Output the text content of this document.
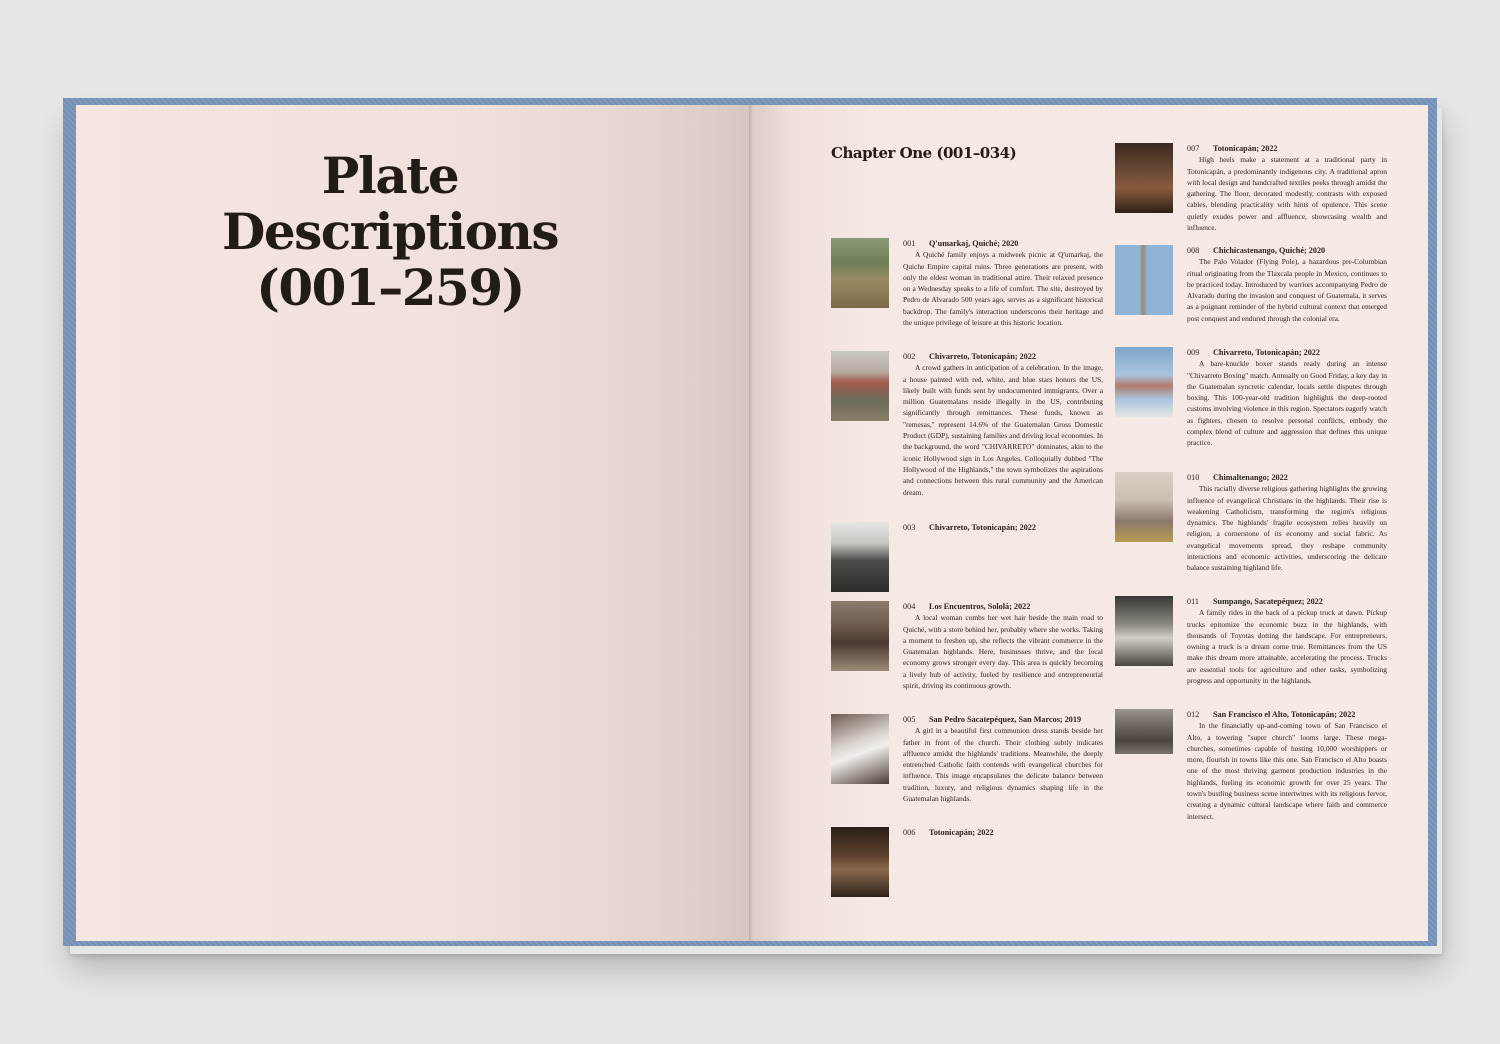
Plate Descriptions
(001–259)
Chapter One (001–034)
001 Q'umarkaj, Quiché; 2020
A Quiché family enjoys a midweek picnic at Q'umarkaj, the Quiche Empire capital ruins. Three generations are present, with only the eldest woman in traditional attire. Their relaxed presence on a Wednesday speaks to a life of comfort. The site, destroyed by Pedro de Alvarado 500 years ago, serves as a significant historical backdrop. The family's interaction underscores their heritage and the unique privilege of leisure at this historic location.
002 Chivarreto, Totonicapán; 2022
A crowd gathers in anticipation of a celebration. In the image, a house painted with red, white, and blue stars honors the US, likely built with funds sent by undocumented immigrants. Over a million Guatemalans reside illegally in the US, contributing significantly through remittances. These funds, known as "remesas," represent 14.6% of the Guatemalan Gross Domestic Product (GDP), sustaining families and driving local economies. In the background, the word "CHIVARRETO" dominates, akin to the iconic Hollywood sign in Los Angeles. Colloquially dubbed "The Hollywood of the Highlands," the town symbolizes the aspirations and connections between this rural community and the American dream.
003 Chivarreto, Totonicapán; 2022
004 Los Encuentros, Sololá; 2022
A local woman combs her wet hair beside the main road to Quiché, with a store behind her, probably where she works. Taking a moment to freshen up, she reflects the vibrant commerce in the Guatemalan highlands. Here, businesses thrive, and the local economy grows stronger every day. This area is quickly becoming a lively hub of activity, fueled by resilience and entrepreneurial spirit, driving its continuous growth.
005 San Pedro Sacatepéquez, San Marcos; 2019
A girl in a beautiful first communion dress stands beside her father in front of the church. Their clothing subtly indicates affluence amidst the highlands' traditions. Meanwhile, the deeply entrenched Catholic faith contends with evangelical churches for influence. This image encapsulates the delicate balance between tradition, luxury, and religious dynamics shaping life in the Guatemalan highlands.
006 Totonicapán; 2022
007 Totonicapán; 2022
High heels make a statement at a traditional party in Totonicapán, a predominantly indigenous city. A traditional apron with local design and handcrafted textiles peeks through amidst the gathering. The floor, decorated modestly, contrasts with exposed cables, blending practicality with hints of opulence. This scene quietly exudes power and affluence, showcasing wealth and influence.
008 Chichicastenango, Quiché; 2020
The Palo Volador (Flying Pole), a hazardous pre-Columbian ritual originating from the Tlaxcala people in Mexico, continues to be practiced today. Introduced by warriors accompanying Pedro de Alvarado during the invasion and conquest of Guatemala, it serves as a poignant reminder of the hybrid cultural context that emerged post conquest and endured through the colonial era.
009 Chivarreto, Totonicapán; 2022
A bare-knuckle boxer stands ready during an intense "Chivarreto Boxing" match. Annually on Good Friday, a key day in the Guatemalan syncretic calendar, locals settle disputes through boxing. This 100-year-old tradition highlights the deep-rooted customs involving violence in this region. Spectators eagerly watch as fighters, chosen to resolve personal conflicts, embody the complex blend of culture and aggression that defines this unique practice.
010 Chimaltenango; 2022
This racially diverse religious gathering highlights the growing influence of evangelical Christians in the highlands. Their rise is weakening Catholicism, transforming the region's religious dynamics. The highlands' fragile ecosystem relies heavily on religion, a cornerstone of its economy and social fabric. As evangelical movements spread, they reshape community interactions and economic activities, underscoring the delicate balance sustaining highland life.
011 Sumpango, Sacatepéquez; 2022
A family rides in the back of a pickup truck at dawn. Pickup trucks epitomize the economic buzz in the highlands, with thousands of Toyotas dotting the landscape. For entrepreneurs, owning a truck is a dream come true. Remittances from the US make this dream more attainable, accelerating the process. Trucks are essential tools for agriculture and other tasks, symbolizing progress and opportunity in the highlands.
012 San Francisco el Alto, Totonicapán; 2022
In the financially up-and-coming town of San Francisco el Alto, a towering "super church" looms large. These mega-churches, sometimes capable of hosting 10,000 worshippers or more, flourish in towns like this one. San Francisco el Alto boasts one of the most thriving garment production industries in the highlands, fueling its economic growth for over 25 years. The town's bustling business scene intertwines with its religious fervor, creating a dynamic cultural landscape where faith and commerce intersect.
